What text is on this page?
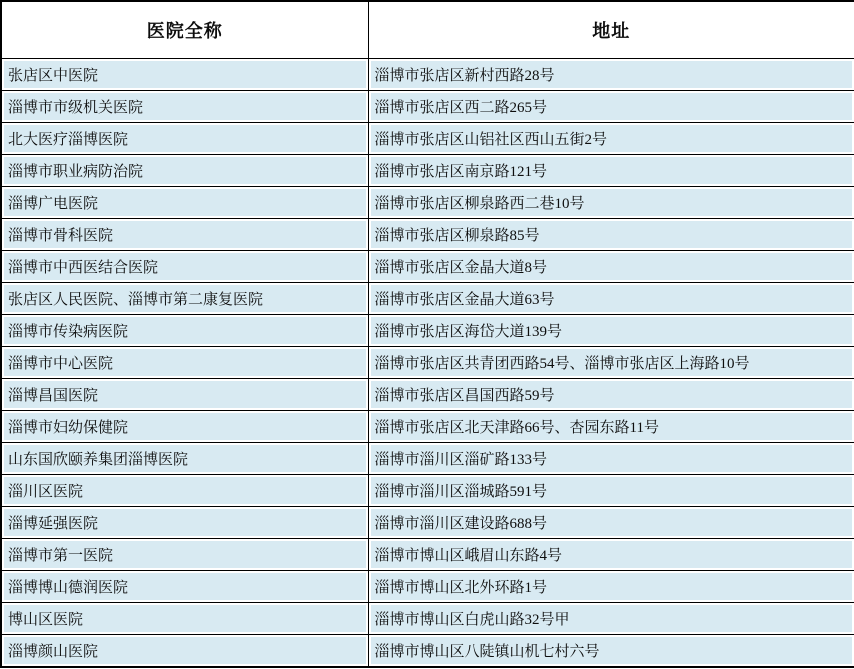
医院全称	地址
张店区中医院	淄博市张店区新村西路28号
淄博市市级机关医院	淄博市张店区西二路265号
北大医疗淄博医院	淄博市张店区山铝社区西山五街2号
淄博市职业病防治院	淄博市张店区南京路121号
淄博广电医院	淄博市张店区柳泉路西二巷10号
淄博市骨科医院	淄博市张店区柳泉路85号
淄博市中西医结合医院	淄博市张店区金晶大道8号
张店区人民医院、淄博市第二康复医院	淄博市张店区金晶大道63号
淄博市传染病医院	淄博市张店区海岱大道139号
淄博市中心医院	淄博市张店区共青团西路54号、淄博市张店区上海路10号
淄博昌国医院	淄博市张店区昌国西路59号
淄博市妇幼保健院	淄博市张店区北天津路66号、杏园东路11号
山东国欣颐养集团淄博医院	淄博市淄川区淄矿路133号
淄川区医院	淄博市淄川区淄城路591号
淄博延强医院	淄博市淄川区建设路688号
淄博市第一医院	淄博市博山区峨眉山东路4号
淄博博山德润医院	淄博市博山区北外环路1号
博山区医院	淄博市博山区白虎山路32号甲
淄博颜山医院	淄博市博山区八陡镇山机七村六号
